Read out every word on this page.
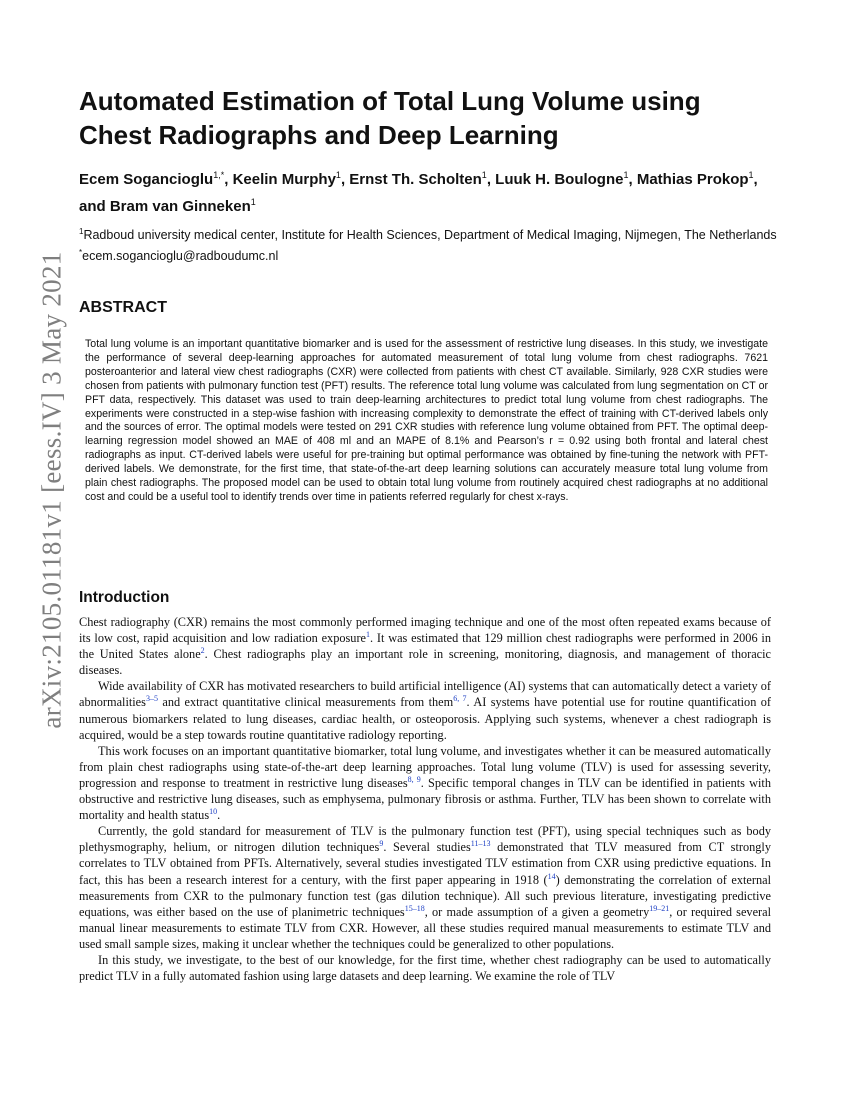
arXiv:2105.01181v1 [eess.IV] 3 May 2021
Automated Estimation of Total Lung Volume using Chest Radiographs and Deep Learning

Ecem Sogancioglu$^{1,*}$, Keelin Murphy$^1$, Ernst Th. Scholten$^1$, Luuk H. Boulogne$^1$, Mathias Prokop$^1$, and Bram van Ginneken$^1$

$^1$Radboud university medical center, Institute for Health Sciences, Department of Medical Imaging, Nijmegen, The Netherlands
*ecem.sogancioglu@radboudumc.nl
ABSTRACT

Total lung volume is an important quantitative biomarker and is used for the assessment of restrictive lung diseases. In this study, we investigate the performance of several deep-learning approaches for automated measurement of total lung volume from chest radiographs. 7621 posteroanterior and lateral view chest radiographs (CXR) were collected from patients with chest CT available. Similarly, 928 CXR studies were chosen from patients with pulmonary function test (PFT) results. The reference total lung volume was calculated from lung segmentation on CT or PFT data, respectively. This dataset was used to train deep-learning architectures to predict total lung volume from chest radiographs. The experiments were constructed in a step-wise fashion with increasing complexity to demonstrate the effect of training with CT-derived labels only and the sources of error. The optimal models were tested on 291 CXR studies with reference lung volume obtained from PFT. The optimal deep-learning regression model showed an MAE of 408 ml and an MAPE of 8.1% and Pearson’s r = 0.92 using both frontal and lateral chest radiographs as input. CT-derived labels were useful for pre-training but optimal performance was obtained by fine-tuning the network with PFT-derived labels. We demonstrate, for the first time, that state-of-the-art deep learning solutions can accurately measure total lung volume from plain chest radiographs. The proposed model can be used to obtain total lung volume from routinely acquired chest radiographs at no additional cost and could be a useful tool to identify trends over time in patients referred regularly for chest x-rays.

Introduction

Chest radiography (CXR) remains the most commonly performed imaging technique and one of the most often repeated exams because of its low cost, rapid acquisition and low radiation exposure$^1$. It was estimated that 129 million chest radiographs were performed in 2006 in the United States alone$^2$. Chest radiographs play an important role in screening, monitoring, diagnosis, and management of thoracic diseases.

Wide availability of CXR has motivated researchers to build artificial intelligence (AI) systems that can automatically detect a variety of abnormalities$^{3-5}$ and extract quantitative clinical measurements from them$^{6, 7}$. AI systems have potential use for routine quantification of numerous biomarkers related to lung diseases, cardiac health, or osteoporosis. Applying such systems, whenever a chest radiograph is acquired, would be a step towards routine quantitative radiology reporting.

This work focuses on an important quantitative biomarker, total lung volume, and investigates whether it can be measured automatically from plain chest radiographs using state-of-the-art deep learning approaches. Total lung volume (TLV) is used for assessing severity, progression and response to treatment in restrictive lung diseases$^{8, 9}$. Specific temporal changes in TLV can be identified in patients with obstructive and restrictive lung diseases, such as emphysema, pulmonary fibrosis or asthma. Further, TLV has been shown to correlate with mortality and health status$^{10}$.

Currently, the gold standard for measurement of TLV is the pulmonary function test (PFT), using special techniques such as body plethysmography, helium, or nitrogen dilution techniques$^9$. Several studies$^{11-13}$ demonstrated that TLV measured from CT strongly correlates to TLV obtained from PFTs. Alternatively, several studies investigated TLV estimation from CXR using predictive equations. In fact, this has been a research interest for a century, with the first paper appearing in 1918 ($^{14}$) demonstrating the correlation of external measurements from CXR to the pulmonary function test (gas dilution technique). All such previous literature, investigating predictive equations, was either based on the use of planimetric techniques$^{15-18}$, or made assumption of a given a geometry$^{19-21}$, or required several manual linear measurements to estimate TLV from CXR. However, all these studies required manual measurements to estimate TLV and used small sample sizes, making it unclear whether the techniques could be generalized to other populations.

In this study, we investigate, to the best of our knowledge, for the first time, whether chest radiography can be used to automatically predict TLV in a fully automated fashion using large datasets and deep learning. We examine the role of TLV
